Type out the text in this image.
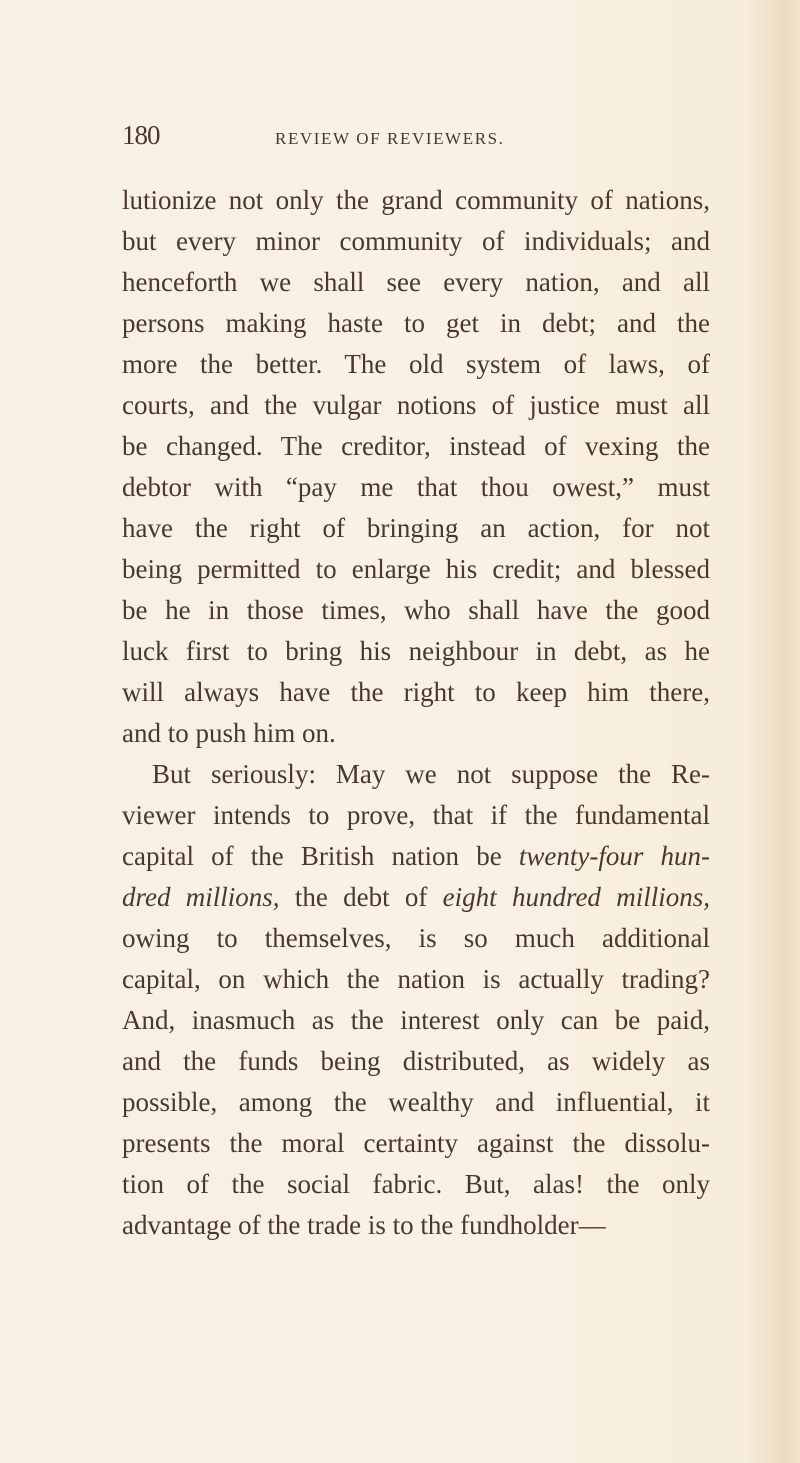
180	REVIEW OF REVIEWERS.
lutionize not only the grand community of nations,
but every minor community of individuals; and
henceforth we shall see every nation, and all
persons making haste to get in debt; and the
more the better. The old system of laws, of
courts, and the vulgar notions of justice must all
be changed. The creditor, instead of vexing the
debtor with “pay me that thou owest,” must
have the right of bringing an action, for not
being permitted to enlarge his credit; and blessed
be he in those times, who shall have the good
luck first to bring his neighbour in debt, as he
will always have the right to keep him there,
and to push him on.
But seriously: May we not suppose the Re-
viewer intends to prove, that if the fundamental
capital of the British nation be twenty-four hun-
dred millions, the debt of eight hundred millions,
owing to themselves, is so much additional
capital, on which the nation is actually trading?
And, inasmuch as the interest only can be paid,
and the funds being distributed, as widely as
possible, among the wealthy and influential, it
presents the moral certainty against the dissolu-
tion of the social fabric. But, alas! the only
advantage of the trade is to the fundholder—
